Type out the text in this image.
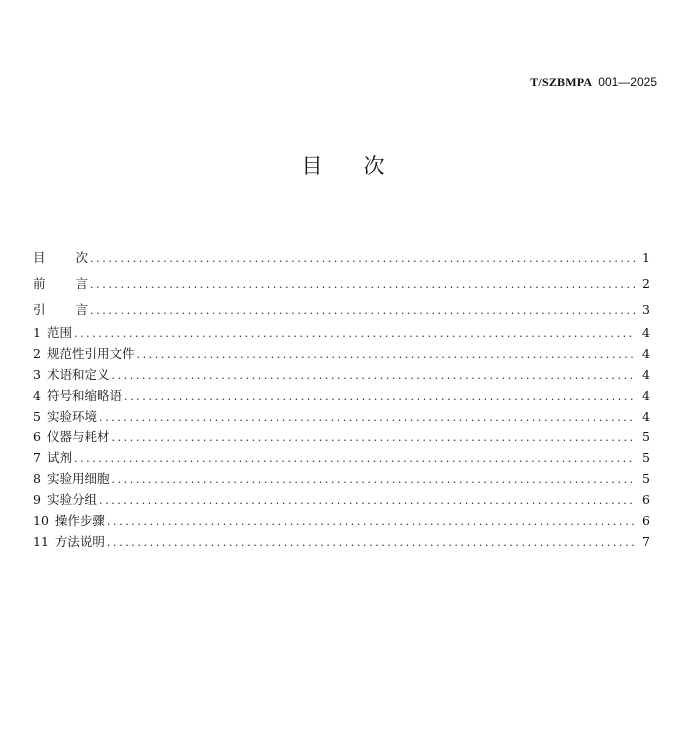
T/SZBMPA 001—2025
目 次
目 次 .....	1
前 言 .....	2
引 言 .....	3
1 范围 .....	4
2 规范性引用文件 .....	4
3 术语和定义 .....	4
4 符号和缩略语 .....	4
5 实验环境 .....	4
6 仪器与耗材 .....	5
7 试剂 .....	5
8 实验用细胞 .....	5
9 实验分组 .....	6
10 操作步骤 .....	6
11 方法说明 .....	7
